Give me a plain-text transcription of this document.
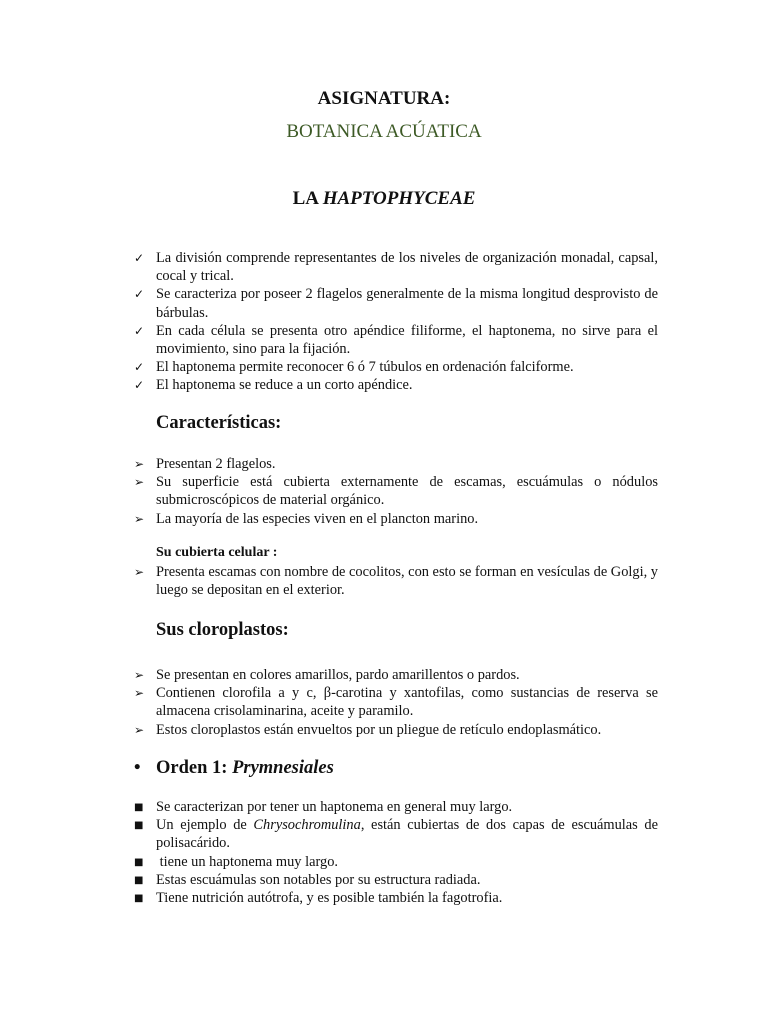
ASIGNATURA:
BOTANICA ACÚATICA
LA HAPTOPHYCEAE
✓ La división comprende representantes de los niveles de organización monadal, capsal, cocal y trical.
✓ Se caracteriza por poseer 2 flagelos generalmente de la misma longitud desprovisto de bárbulas.
✓ En cada célula se presenta otro apéndice filiforme, el haptonema, no sirve para el movimiento, sino para la fijación.
✓ El haptonema permite reconocer 6 ó 7 túbulos en ordenación falciforme.
✓ El haptonema se reduce a un corto apéndice.
Características:
➢ Presentan 2 flagelos.
➢ Su superficie está cubierta externamente de escamas, escuámulas o nódulos submicroscópicos de material orgánico.
➢ La mayoría de las especies viven en el plancton marino.
Su cubierta celular :
➢ Presenta escamas con nombre de cocolitos, con esto se forman en vesículas de Golgi, y luego se depositan en el exterior.
Sus cloroplastos:
➢ Se presentan en colores amarillos, pardo amarillentos o pardos.
➢ Contienen clorofila a y c, β-carotina y xantofilas, como sustancias de reserva se almacena crisolaminarina, aceite y paramilo.
➢ Estos cloroplastos están envueltos por un pliegue de retículo endoplasmático.
• Orden 1: Prymnesiales
■ Se caracterizan por tener un haptonema en general muy largo.
■ Un ejemplo de Chrysochromulina, están cubiertas de dos capas de escuámulas de polisacárido.
■ tiene un haptonema muy largo.
■ Estas escuámulas son notables por su estructura radiada.
■ Tiene nutrición autótrofa, y es posible también la fagotrofia.
